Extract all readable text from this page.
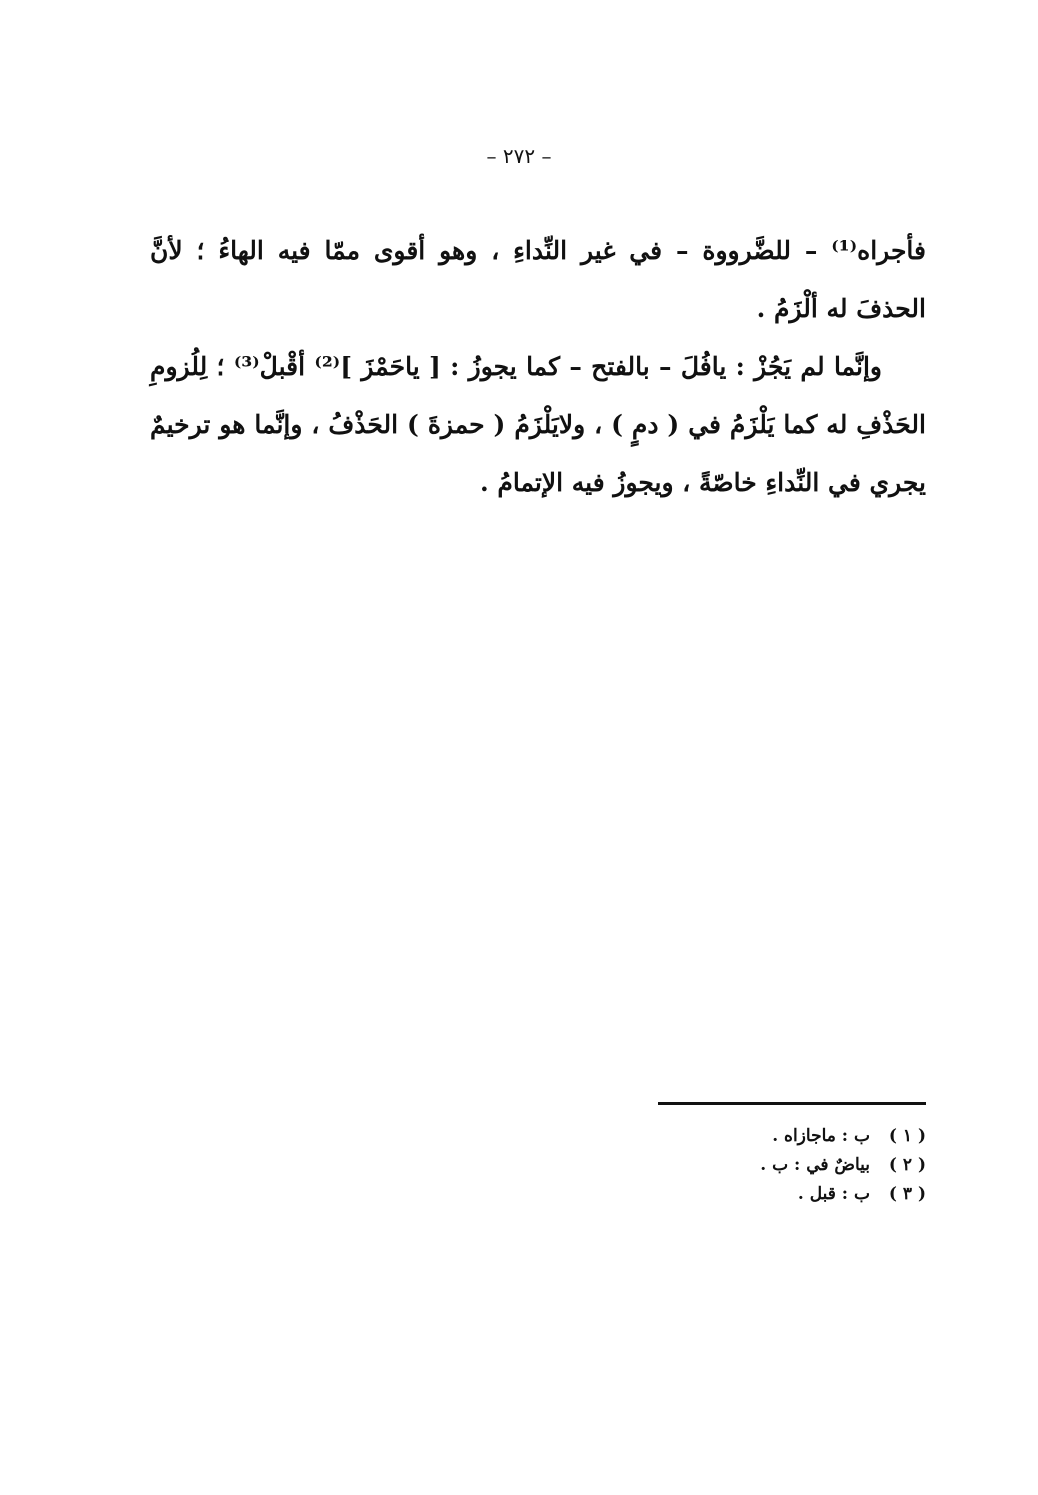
– ٢٧٢ –

فأجراه⁽¹⁾ – للضَّرووة – في غير النِّداءِ ، وهو أقوى ممّا فيه الهاءُ ؛ لأنَّ الحذفَ له ألْزَمُ .

وإنَّما لم يَجُزْ : يافُلَ – بالفتح – كما يجوزُ : [ ياحَمْزَ ]⁽²⁾ أقْبلْ⁽³⁾ ؛ لِلُزومِ الحَذْفِ له كما يَلْزَمُ في ( دمٍ ) ، ولايَلْزَمُ ( حمزةَ ) الحَذْفُ ، وإنَّما هو ترخيمٌ يجري في النِّداءِ خاصّةً ، ويجوزُ فيه الإتمامُ .

( ١ )
ب : ماجازاه .
( ٢ )
بياضٌ في : ب .
( ٣ )
ب : قبل .
